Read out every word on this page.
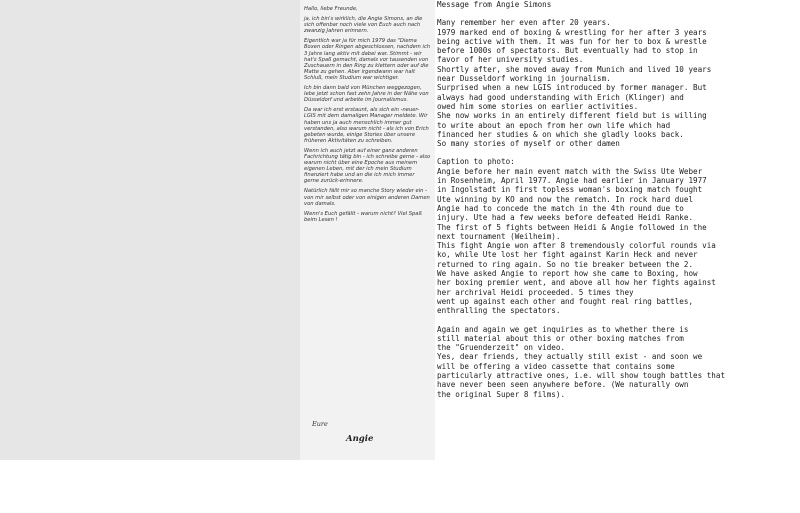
Hallo, liebe Freunde,

ja, ich bin's wirklich, die Angie Simons, an die sich offenbar noch viele von Euch auch nach zwanzig Jahren erinnern.

Eigentlich war ja für mich 1979 das "Diema Boxen oder Ringen abgeschlossen, nachdem ich 3 Jahre lang aktiv mit dabei war. Stimmt - wir hat's Spaß gemacht, damals vor tausenden von Zuschauern in den Ring zu klettern oder auf die Matte zu gehen. Aber irgendwann war halt Schluß, mein Studium war wichtiger.

Ich bin dann bald von München weggezogen, lebe jetzt schon fast zehn Jahre in der Nähe von Düsseldorf und arbeite im Journalismus.

Da war ich erst erstaunt, als sich ein -neuer- LGIS mit dem damaligen Manager meldete. Wir haben uns ja auch menschlich immer gut verstanden, also warum nicht - als ich von Erich gebeten wurde, einige Stories über unsere früheren Aktivitäten zu schreiben.

Wenn ich auch jetzt auf einer ganz anderen Fachrichtung tätig bin - ich schreibe gerne - also warum nicht über eine Epoche aus meinem eigenen Leben, mit der ich mein Studium finanziert habe und an die ich mich immer gerne zurück-erinnere.

Natürlich fällt mir so manche Story wieder ein - von mir selbst oder von einigen anderen Damen von damals.

Wenn's Euch gefällt - warum nicht? Viel Spaß beim Lesen !

Eure
Angie
Message from Angie Simons

Many remember her even after 20 years.

1979 marked end of boxing & wrestling for her after 3 years

being active with them. It was fun for her to box & wrestle

before 1000s of spectators. But eventually had to stop in

favor of her university studies.

Shortly after, she moved away from Munich and lived 10 years

near Dusseldorf working in journalism.

Surprised when a new LGIS introduced by former manager. But

always had good understanding with Erich (Klinger) and

owed him some stories on earlier activities.

She now works in an entirely different field but is willing

to write about an epoch from her own life which had

financed her studies & on which she gladly looks back.

So many stories of myself or other damen

Caption to photo:

Angie before her main event match with the Swiss Ute Weber

in Rosenheim, April 1977. Angie had earlier in January 1977

in Ingolstadt in first topless woman's boxing match fought

Ute winning by KO and now the rematch. In rock hard duel

Angie had to concede the match in the 4th round due to

injury. Ute had a few weeks before defeated Heidi Ranke.

The first of 5 fights between Heidi & Angie followed in the

next tournament (Weilheim).

This fight Angie won after 8 tremendously colorful rounds via

ko, while Ute lost her fight against Karin Heck and never

returned to ring again. So no tie breaker between the 2.

We have asked Angie to report how she came to Boxing, how

her boxing premier went, and above all how her fights against

her archrival Heidi proceeded. 5 times they

went up against each other and fought real ring battles,

enthralling the spectators.

Again and again we get inquiries as to whether there is

still material about this or other boxing matches from

the "Gruenderzeit" on video.

Yes, dear friends, they actually still exist - and soon we

will be offering a video cassette that contains some

particularly attractive ones, i.e. will show tough battles that

have never been seen anywhere before. (We naturally own

the original Super 8 films).
